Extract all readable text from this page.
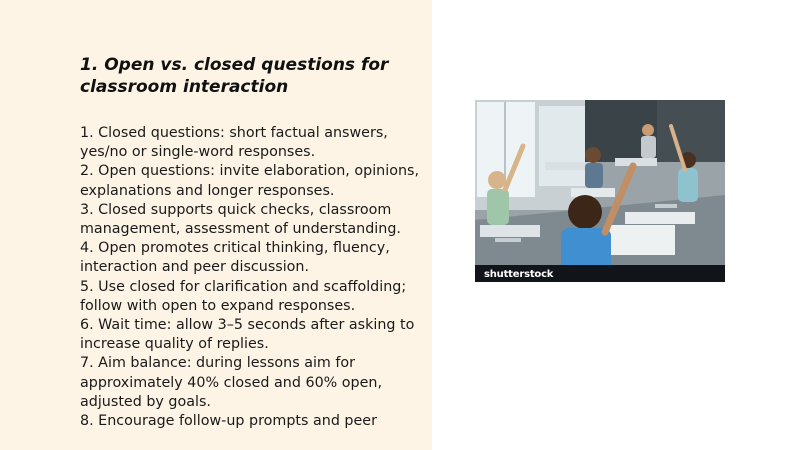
1. Open vs. closed questions for
classroom interaction
1. Closed questions: short factual answers, yes/no or single-word responses.
2. Open questions: invite elaboration, opinions, explanations and longer responses.
3. Closed supports quick checks, classroom management, assessment of understanding.
4. Open promotes critical thinking, fluency, interaction and peer discussion.
5. Use closed for clarification and scaffolding; follow with open to expand responses.
6. Wait time: allow 3–5 seconds after asking to increase quality of replies.
7. Aim balance: during lessons aim for approximately 40% closed and 60% open, adjusted by goals.
8. Encourage follow-up prompts and peer
shutterstock
